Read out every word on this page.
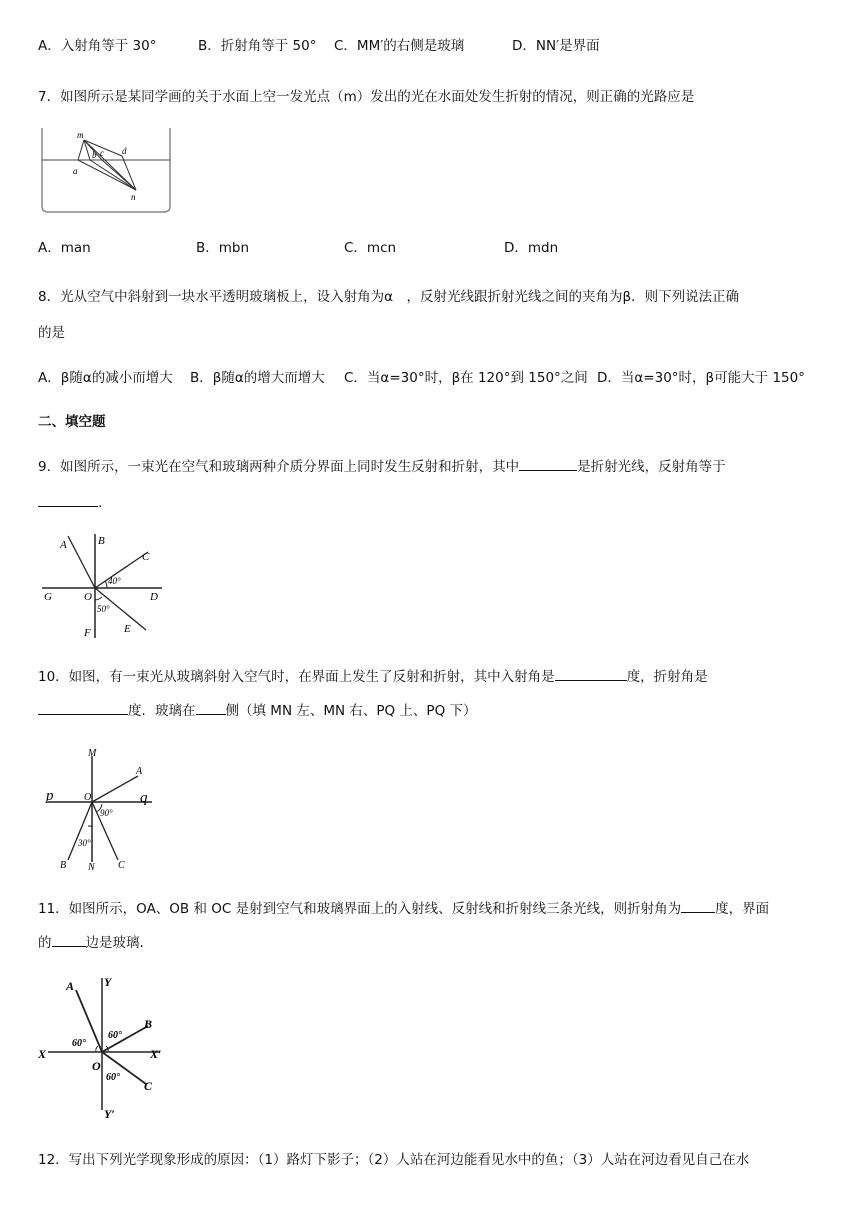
A．入射角等于 30°	B．折射角等于 50° C．MM′的右侧是玻璃	D．NN′是界面
7．如图所示是某同学画的关于水面上空一发光点（m）发出的光在水面处发生折射的情况，则正确的光路应是
m
b c d
a
n
A．man	B．mbn	C．mcn	D．mdn
8．光从空气中斜射到一块水平透明玻璃板上，设入射角为α　，反射光线跟折射光线之间的夹角为β．则下列说法正确
的是
A．β随α的减小而增大 B．β随α的增大而增大 C．当α=30°时，β在 120°到 150°之间 D．当α=30°时，β可能大于 150°
二、填空题
9．如图所示，一束光在空气和玻璃两种介质分界面上同时发生反射和折射，其中	是折射光线，反射角等于
.
A	B
C
D
G	O
E
F
40°
50°
10．如图，有一束光从玻璃斜射入空气时，在界面上发生了反射和折射，其中入射角是	度，折射角是
度．玻璃在 侧（填 MN 左、MN 右、PQ 上、PQ 下）
M
p	q
A
O
90°
30°
B N C
11．如图所示，OA、OB 和 OC 是射到空气和玻璃界面上的入射线、反射线和折射线三条光线，则折射角为	度，界面
的	边是玻璃.
A Y
B
X	X′
O
C
Y′
60°
60°
60°
12．写出下列光学现象形成的原因：（1）路灯下影子；（2）人站在河边能看见水中的鱼；（3）人站在河边看见自己在水
